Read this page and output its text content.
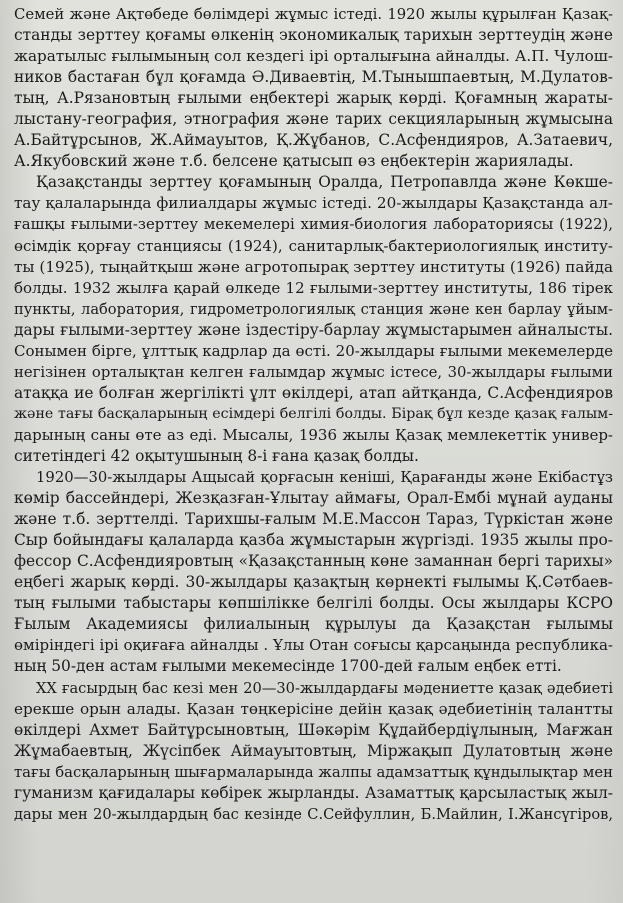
Семей және Ақтөбеде бөлімдері жұмыс істеді. 1920 жылы құрылған Қазақ-
станды зерттеу қоғамы өлкенің экономикалық тарихын зерттеудің және
жаратылыс ғылымының сол кездегі ірі орталығына айналды. А.П. Чулош-
ников бастаған бұл қоғамда Ә.Диваевтің, М.Тынышпаевтың, М.Дулатов-
тың, А.Рязановтың ғылыми еңбектері жарық көрді. Қоғамның жараты-
лыстану-география, этнография және тарих секцияларының жұмысына
А.Байтұрсынов, Ж.Аймауытов, Қ.Жұбанов, С.Асфендияров, А.Затаевич,
А.Якубовский және т.б. белсене қатысып өз еңбектерін жариялады.
Қазақстанды зерттеу қоғамының Оралда, Петропавлда және Көкше-
тау қалаларында филиалдары жұмыс істеді. 20-жылдары Қазақстанда ал-
ғашқы ғылыми-зерттеу мекемелері химия-биология лабораториясы (1922),
өсімдік қорғау станциясы (1924), санитарлық-бактериологиялық институ-
ты (1925), тыңайтқыш және агротопырақ зерттеу институты (1926) пайда
болды. 1932 жылға қарай өлкеде 12 ғылыми-зерттеу институты, 186 тірек
пункты, лаборатория, гидрометрологиялық станция және кен барлау ұйым-
дары ғылыми-зерттеу және іздестіру-барлау жұмыстарымен айналысты.
Сонымен бірге, ұлттық кадрлар да өсті. 20-жылдары ғылыми мекемелерде
негізінен орталықтан келген ғалымдар жұмыс істесе, 30-жылдары ғылыми
атаққа ие болған жергілікті ұлт өкілдері, атап айтқанда, С.Асфендияров
және тағы басқаларының есімдері белгілі болды. Бірақ бұл кезде қазақ ғалым-
дарының саны өте аз еді. Мысалы, 1936 жылы Қазақ мемлекеттік универ-
ситетіндегі 42 оқытушының 8-і ғана қазақ болды.
1920—30-жылдары Ащысай қорғасын кеніші, Қарағанды және Екібастұз
көмір бассейндері, Жезқазған-Ұлытау аймағы, Орал-Ембі мұнай ауданы
және т.б. зерттелді. Тарихшы-ғалым М.Е.Массон Тараз, Түркістан және
Сыр бойындағы қалаларда қазба жұмыстарын жүргізді. 1935 жылы про-
фессор С.Асфендияровтың «Қазақстанның көне заманнан бергі тарихы»
еңбегі жарық көрді. 30-жылдары қазақтың көрнекті ғылымы Қ.Сәтбаев-
тың ғылыми табыстары көпшілікке белгілі болды. Осы жылдары КСРО
Ғылым Академиясы филиалының құрылуы да Қазақстан ғылымы
өміріндегі ірі оқиғаға айналды . Ұлы Отан соғысы қарсаңында республика-
ның 50-ден астам ғылыми мекемесінде 1700-дей ғалым еңбек етті.
XX ғасырдың бас кезі мен 20—30-жылдардағы мәдениетте қазақ әдебиеті
ерекше орын алады. Қазан төңкерісіне дейін қазақ әдебиетінің талантты
өкілдері Ахмет Байтұрсыновтың, Шәкәрім Құдайбердіұлының, Мағжан
Жұмабаевтың, Жүсіпбек Аймауытовтың, Міржақып Дулатовтың және
тағы басқаларының шығармаларында жалпы адамзаттық құндылықтар мен
гуманизм қағидалары көбірек жырланды. Азаматтық қарсыластық жыл-
дары мен 20-жылдардың бас кезінде С.Сейфуллин, Б.Майлин, І.Жансүгіров,
